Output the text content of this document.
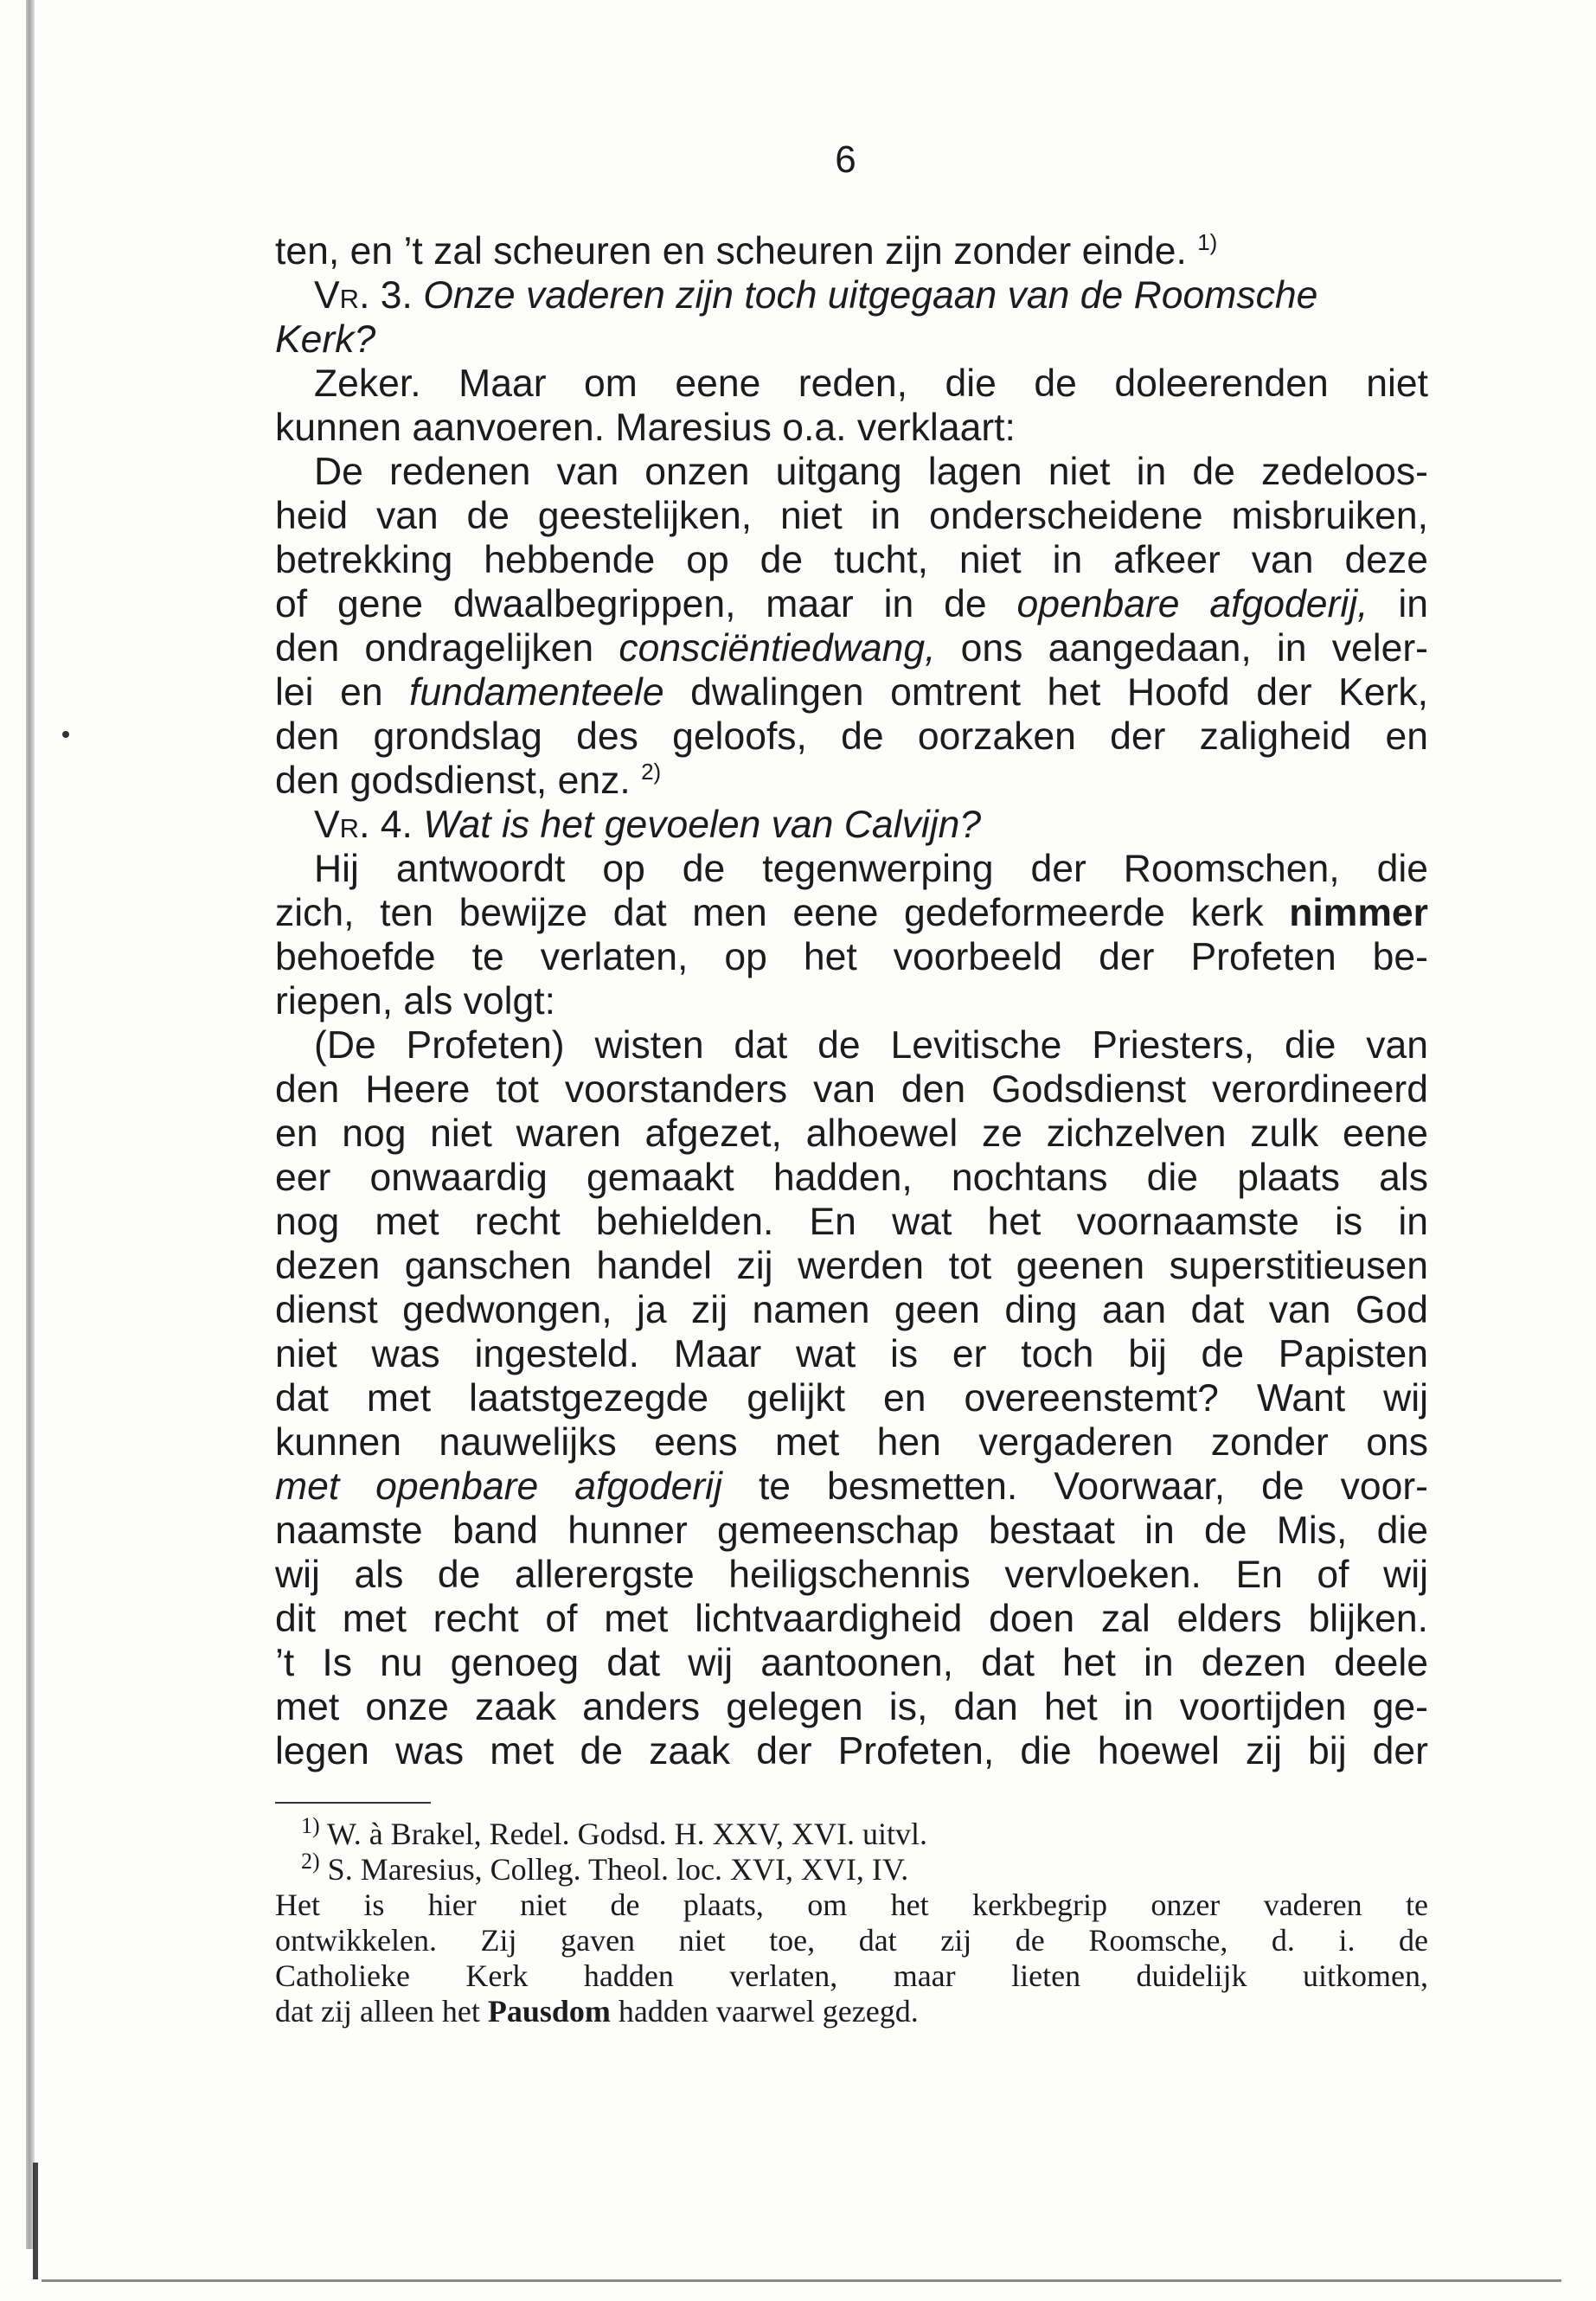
6
ten, en ’t zal scheuren en scheuren zijn zonder einde. $^{1)}$
Vr. 3. Onze vaderen zijn toch uitgegaan van de Roomsche
Kerk?
Zeker. Maar om eene reden, die de doleerenden niet
kunnen aanvoeren. Maresius o.a. verklaart:
De redenen van onzen uitgang lagen niet in de zedeloos-
heid van de geestelijken, niet in onderscheidene misbruiken,
betrekking hebbende op de tucht, niet in afkeer van deze
of gene dwaalbegrippen, maar in de openbare afgoderij, in
den ondragelijken consciëntiedwang, ons aangedaan, in veler-
lei en fundamenteele dwalingen omtrent het Hoofd der Kerk,
den grondslag des geloofs, de oorzaken der zaligheid en
den godsdienst, enz. $^{2)}$
Vr. 4. Wat is het gevoelen van Calvijn?
Hij antwoordt op de tegenwerping der Roomschen, die
zich, ten bewijze dat men eene gedeformeerde kerk nimmer
behoefde te verlaten, op het voorbeeld der Profeten be-
riepen, als volgt:
(De Profeten) wisten dat de Levitische Priesters, die van
den Heere tot voorstanders van den Godsdienst verordineerd
en nog niet waren afgezet, alhoewel ze zichzelven zulk eene
eer onwaardig gemaakt hadden, nochtans die plaats als
nog met recht behielden. En wat het voornaamste is in
dezen ganschen handel zij werden tot geenen superstitieusen
dienst gedwongen, ja zij namen geen ding aan dat van God
niet was ingesteld. Maar wat is er toch bij de Papisten
dat met laatstgezegde gelijkt en overeenstemt? Want wij
kunnen nauwelijks eens met hen vergaderen zonder ons
met openbare afgoderij te besmetten. Voorwaar, de voor-
naamste band hunner gemeenschap bestaat in de Mis, die
wij als de allerergste heiligschennis vervloeken. En of wij
dit met recht of met lichtvaardigheid doen zal elders blijken.
’t Is nu genoeg dat wij aantoonen, dat het in dezen deele
met onze zaak anders gelegen is, dan het in voortijden ge-
legen was met de zaak der Profeten, die hoewel zij bij der
$^{1)}$ W. à Brakel, Redel. Godsd. H. XXV, XVI. uitvl.
$^{2)}$ S. Maresius, Colleg. Theol. loc. XVI, XVI, IV.
Het is hier niet de plaats, om het kerkbegrip onzer vaderen te
ontwikkelen. Zij gaven niet toe, dat zij de Roomsche, d. i. de
Catholieke Kerk hadden verlaten, maar lieten duidelijk uitkomen,
dat zij alleen het Pausdom hadden vaarwel gezegd.
